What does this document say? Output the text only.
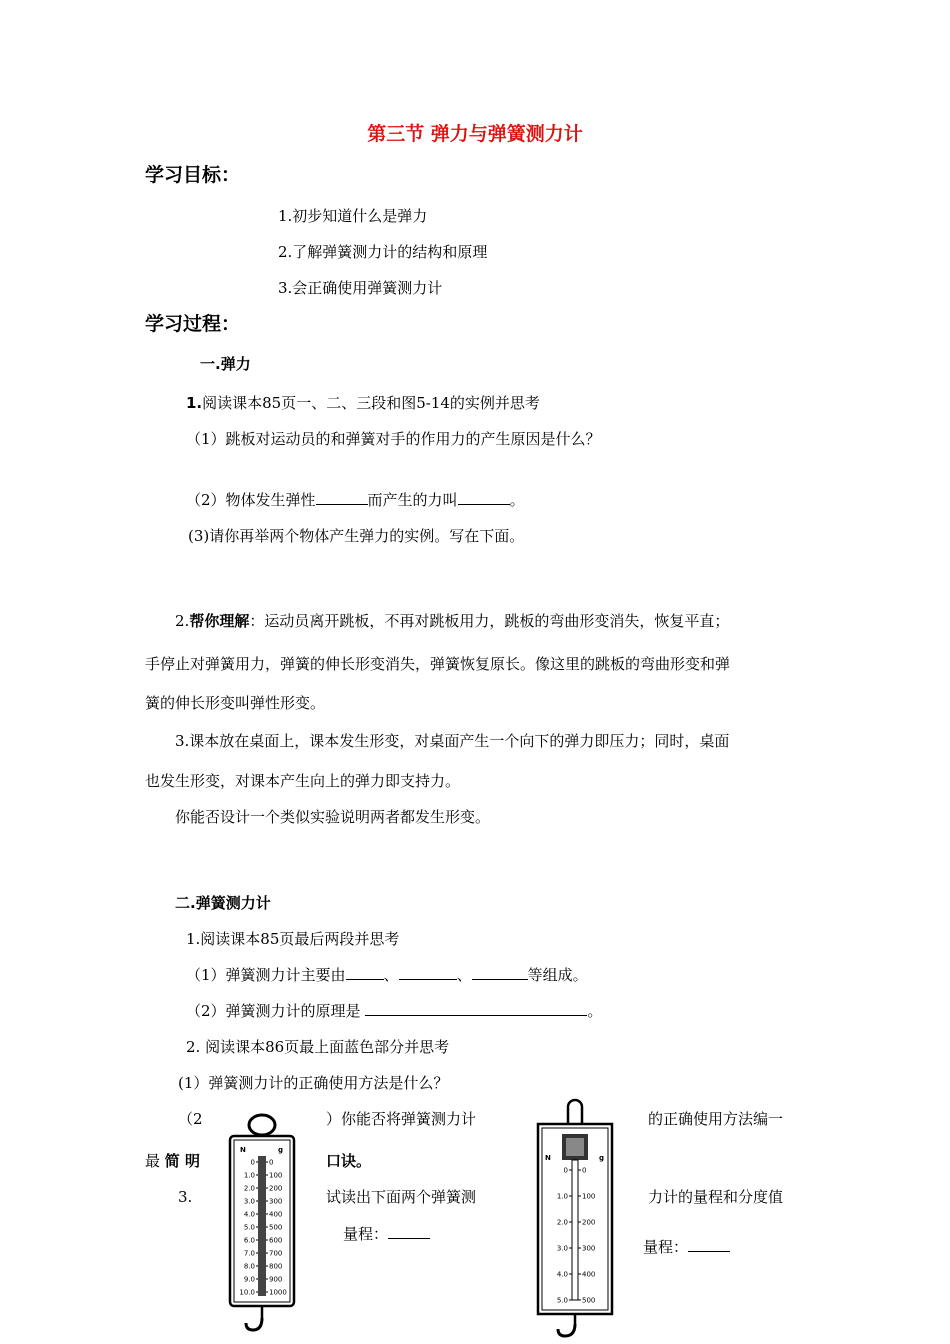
第三节 弹力与弹簧测力计
学习目标：
1.初步知道什么是弹力
2.了解弹簧测力计的结构和原理
3.会正确使用弹簧测力计
学习过程：
一.弹力
1.阅读课本85页一、二、三段和图5-14的实例并思考
（1）跳板对运动员的和弹簧对手的作用力的产生原因是什么？
（2）物体发生弹性	而产生的力叫	。
(3)请你再举两个物体产生弹力的实例。写在下面。
2.帮你理解：运动员离开跳板，不再对跳板用力，跳板的弯曲形变消失，恢复平直；
手停止对弹簧用力，弹簧的伸长形变消失，弹簧恢复原长。像这里的跳板的弯曲形变和弹
簧的伸长形变叫弹性形变。
3.课本放在桌面上，课本发生形变，对桌面产生一个向下的弹力即压力；同时，桌面
也发生形变，对课本产生向上的弹力即支持力。
你能否设计一个类似实验说明两者都发生形变。
二.弹簧测力计
1.阅读课本85页最后两段并思考
（1）弹簧测力计主要由	、	、	等组成。
（2）弹簧测力计的原理是	。
2. 阅读课本86页最上面蓝色部分并思考
(1）弹簧测力计的正确使用方法是什么？
（2	）你能否将弹簧测力计	的正确使用方法编一
最 简 明	口诀。
3.	试读出下面两个弹簧测	力计的量程和分度值
量程：
量程：
N	g
0
1.0
2.0
3.0
4.0
5.0
6.0
7.0
8.0
9.0
10.0
0
100
200
300
400
500
600
700
800
900
1000
N	g
0
1.0
2.0
3.0
4.0
5.0
0
100
200
300
400
500
